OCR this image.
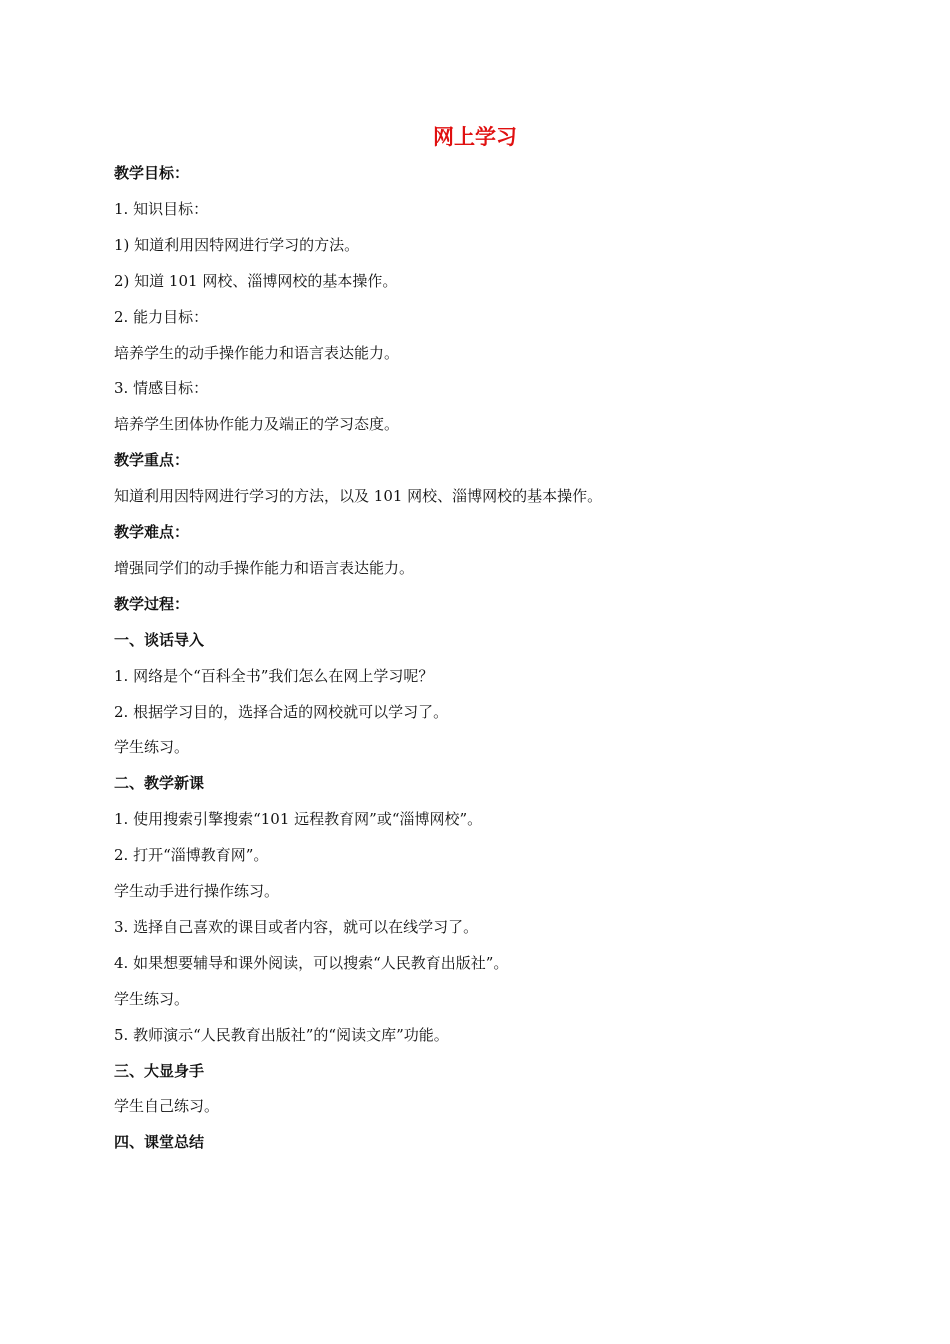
网上学习
教学目标：
1. 知识目标：
1) 知道利用因特网进行学习的方法。
2) 知道 101 网校、淄博网校的基本操作。
2. 能力目标：
培养学生的动手操作能力和语言表达能力。
3. 情感目标：
培养学生团体协作能力及端正的学习态度。
教学重点：
知道利用因特网进行学习的方法，以及 101 网校、淄博网校的基本操作。
教学难点：
增强同学们的动手操作能力和语言表达能力。
教学过程：
一、谈话导入
1. 网络是个“百科全书”我们怎么在网上学习呢？
2. 根据学习目的，选择合适的网校就可以学习了。
学生练习。
二、教学新课
1. 使用搜索引擎搜索“101 远程教育网”或“淄博网校”。
2. 打开“淄博教育网”。
学生动手进行操作练习。
3. 选择自己喜欢的课目或者内容，就可以在线学习了。
4. 如果想要辅导和课外阅读，可以搜索“人民教育出版社”。
学生练习。
5. 教师演示“人民教育出版社”的“阅读文库”功能。
三、大显身手
学生自己练习。
四、课堂总结
